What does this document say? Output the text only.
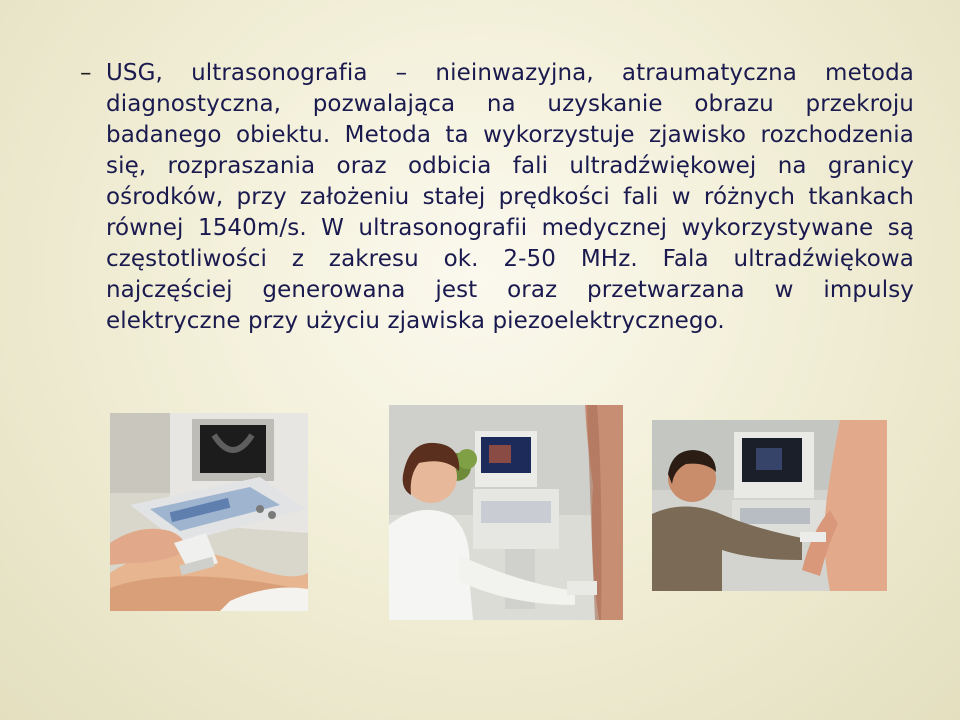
– USG, ultrasonografia – nieinwazyjna, atraumatyczna metoda diagnostyczna, pozwalająca na uzyskanie obrazu przekroju badanego obiektu. Metoda ta wykorzystuje zjawisko rozchodzenia się, rozpraszania oraz odbicia fali ultradźwiękowej na granicy ośrodków, przy założeniu stałej prędkości fali w różnych tkankach równej 1540m/s. W ultrasonografii medycznej wykorzystywane są częstotliwości z zakresu ok. 2-50 MHz. Fala ultradźwiękowa najczęściej generowana jest oraz przetwarzana w impulsy elektryczne przy użyciu zjawiska piezoelektrycznego.
